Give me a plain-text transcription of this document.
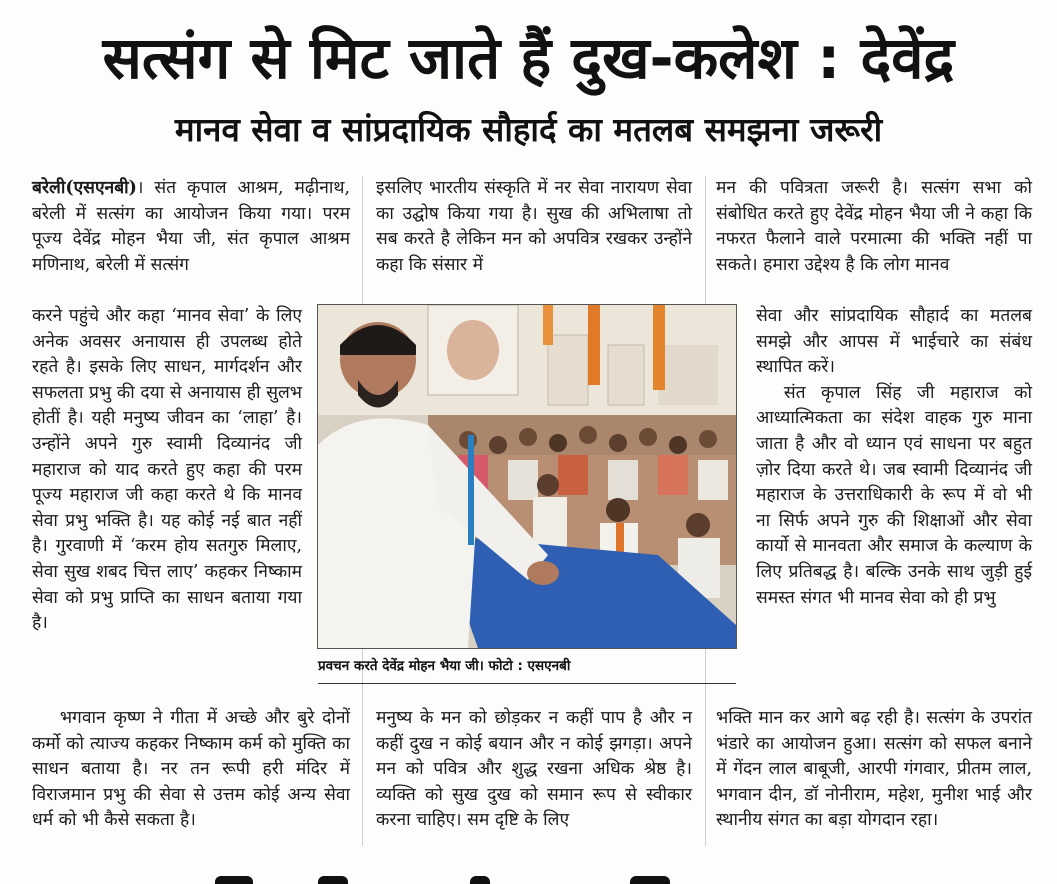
सत्संग से मिट जाते हैं दुख-कलेश : देवेंद्र
मानव सेवा व सांप्रदायिक सौहार्द का मतलब समझना जरूरी

बरेली(एसएनबी)। संत कृपाल आश्रम, मढ़ीनाथ, बरेली में सत्संग का आयोजन किया गया। परम पूज्य देवेंद्र मोहन भैया जी, संत कृपाल आश्रम मणिनाथ, बरेली में सत्संग

करने पहुंचे और कहा ‘मानव सेवा’ के लिए अनेक अवसर अनायास ही उपलब्ध होते रहते है। इसके लिए साधन, मार्गदर्शन और सफलता प्रभु की दया से अनायास ही सुलभ होतीं है। यही मनुष्य जीवन का ‘लाहा’ है। उन्होंने अपने गुरु स्वामी दिव्यानंद जी महाराज को याद करते हुए कहा की परम पूज्य महाराज जी कहा करते थे कि मानव सेवा प्रभु भक्ति है। यह कोई नई बात नहीं है। गुरवाणी में ‘करम होय सतगुरु मिलाए, सेवा सुख शबद चित्त लाए’ कहकर निष्काम सेवा को प्रभु प्राप्ति का साधन बताया गया है।

भगवान कृष्ण ने गीता में अच्छे और बुरे दोनों कर्मो को त्याज्य कहकर निष्काम कर्म को मुक्ति का साधन बताया है। नर तन रूपी हरी मंदिर में विराजमान प्रभु की सेवा से उत्तम कोई अन्य सेवा धर्म को भी कैसे सकता है।

इसलिए भारतीय संस्कृति में नर सेवा नारायण सेवा का उद्घोष किया गया है। सुख की अभिलाषा तो सब करते है लेकिन मन को अपवित्र रखकर उन्होंने कहा कि संसार में

मनुष्य के मन को छोड़कर न कहीं पाप है और न कहीं दुख न कोई बयान और न कोई झगड़ा। अपने मन को पवित्र और शुद्ध रखना अधिक श्रेष्ठ है। व्यक्ति को सुख दुख को समान रूप से स्वीकार करना चाहिए। सम दृष्टि के लिए

मन की पवित्रता जरूरी है। सत्संग सभा को संबोधित करते हुए देवेंद्र मोहन भैया जी ने कहा कि नफरत फैलाने वाले परमात्मा की भक्ति नहीं पा सकते। हमारा उद्देश्य है कि लोग मानव

सेवा और सांप्रदायिक सौहार्द का मतलब समझे और आपस में भाईचारे का संबंध स्थापित करें।

संत कृपाल सिंह जी महाराज को आध्यात्मिकता का संदेश वाहक गुरु माना जाता है और वो ध्यान एवं साधना पर बहुत ज़ोर दिया करते थे। जब स्वामी दिव्यानंद जी महाराज के उत्तराधिकारी के रूप में वो भी ना सिर्फ अपने गुरु की शिक्षाओं और सेवा कार्यो से मानवता और समाज के कल्याण के लिए प्रतिबद्ध है। बल्कि उनके साथ जुड़ी हुई समस्त संगत भी मानव सेवा को ही प्रभु

भक्ति मान कर आगे बढ़ रही है। सत्संग के उपरांत भंडारे का आयोजन हुआ। सत्संग को सफल बनाने में गेंदन लाल बाबूजी, आरपी गंगवार, प्रीतम लाल, भगवान दीन, डॉ नोनीराम, महेश, मुनीश भाई और स्थानीय संगत का बड़ा योगदान रहा।

प्रवचन करते देवेंद्र मोहन भैया जी। फोटो : एसएनबी
